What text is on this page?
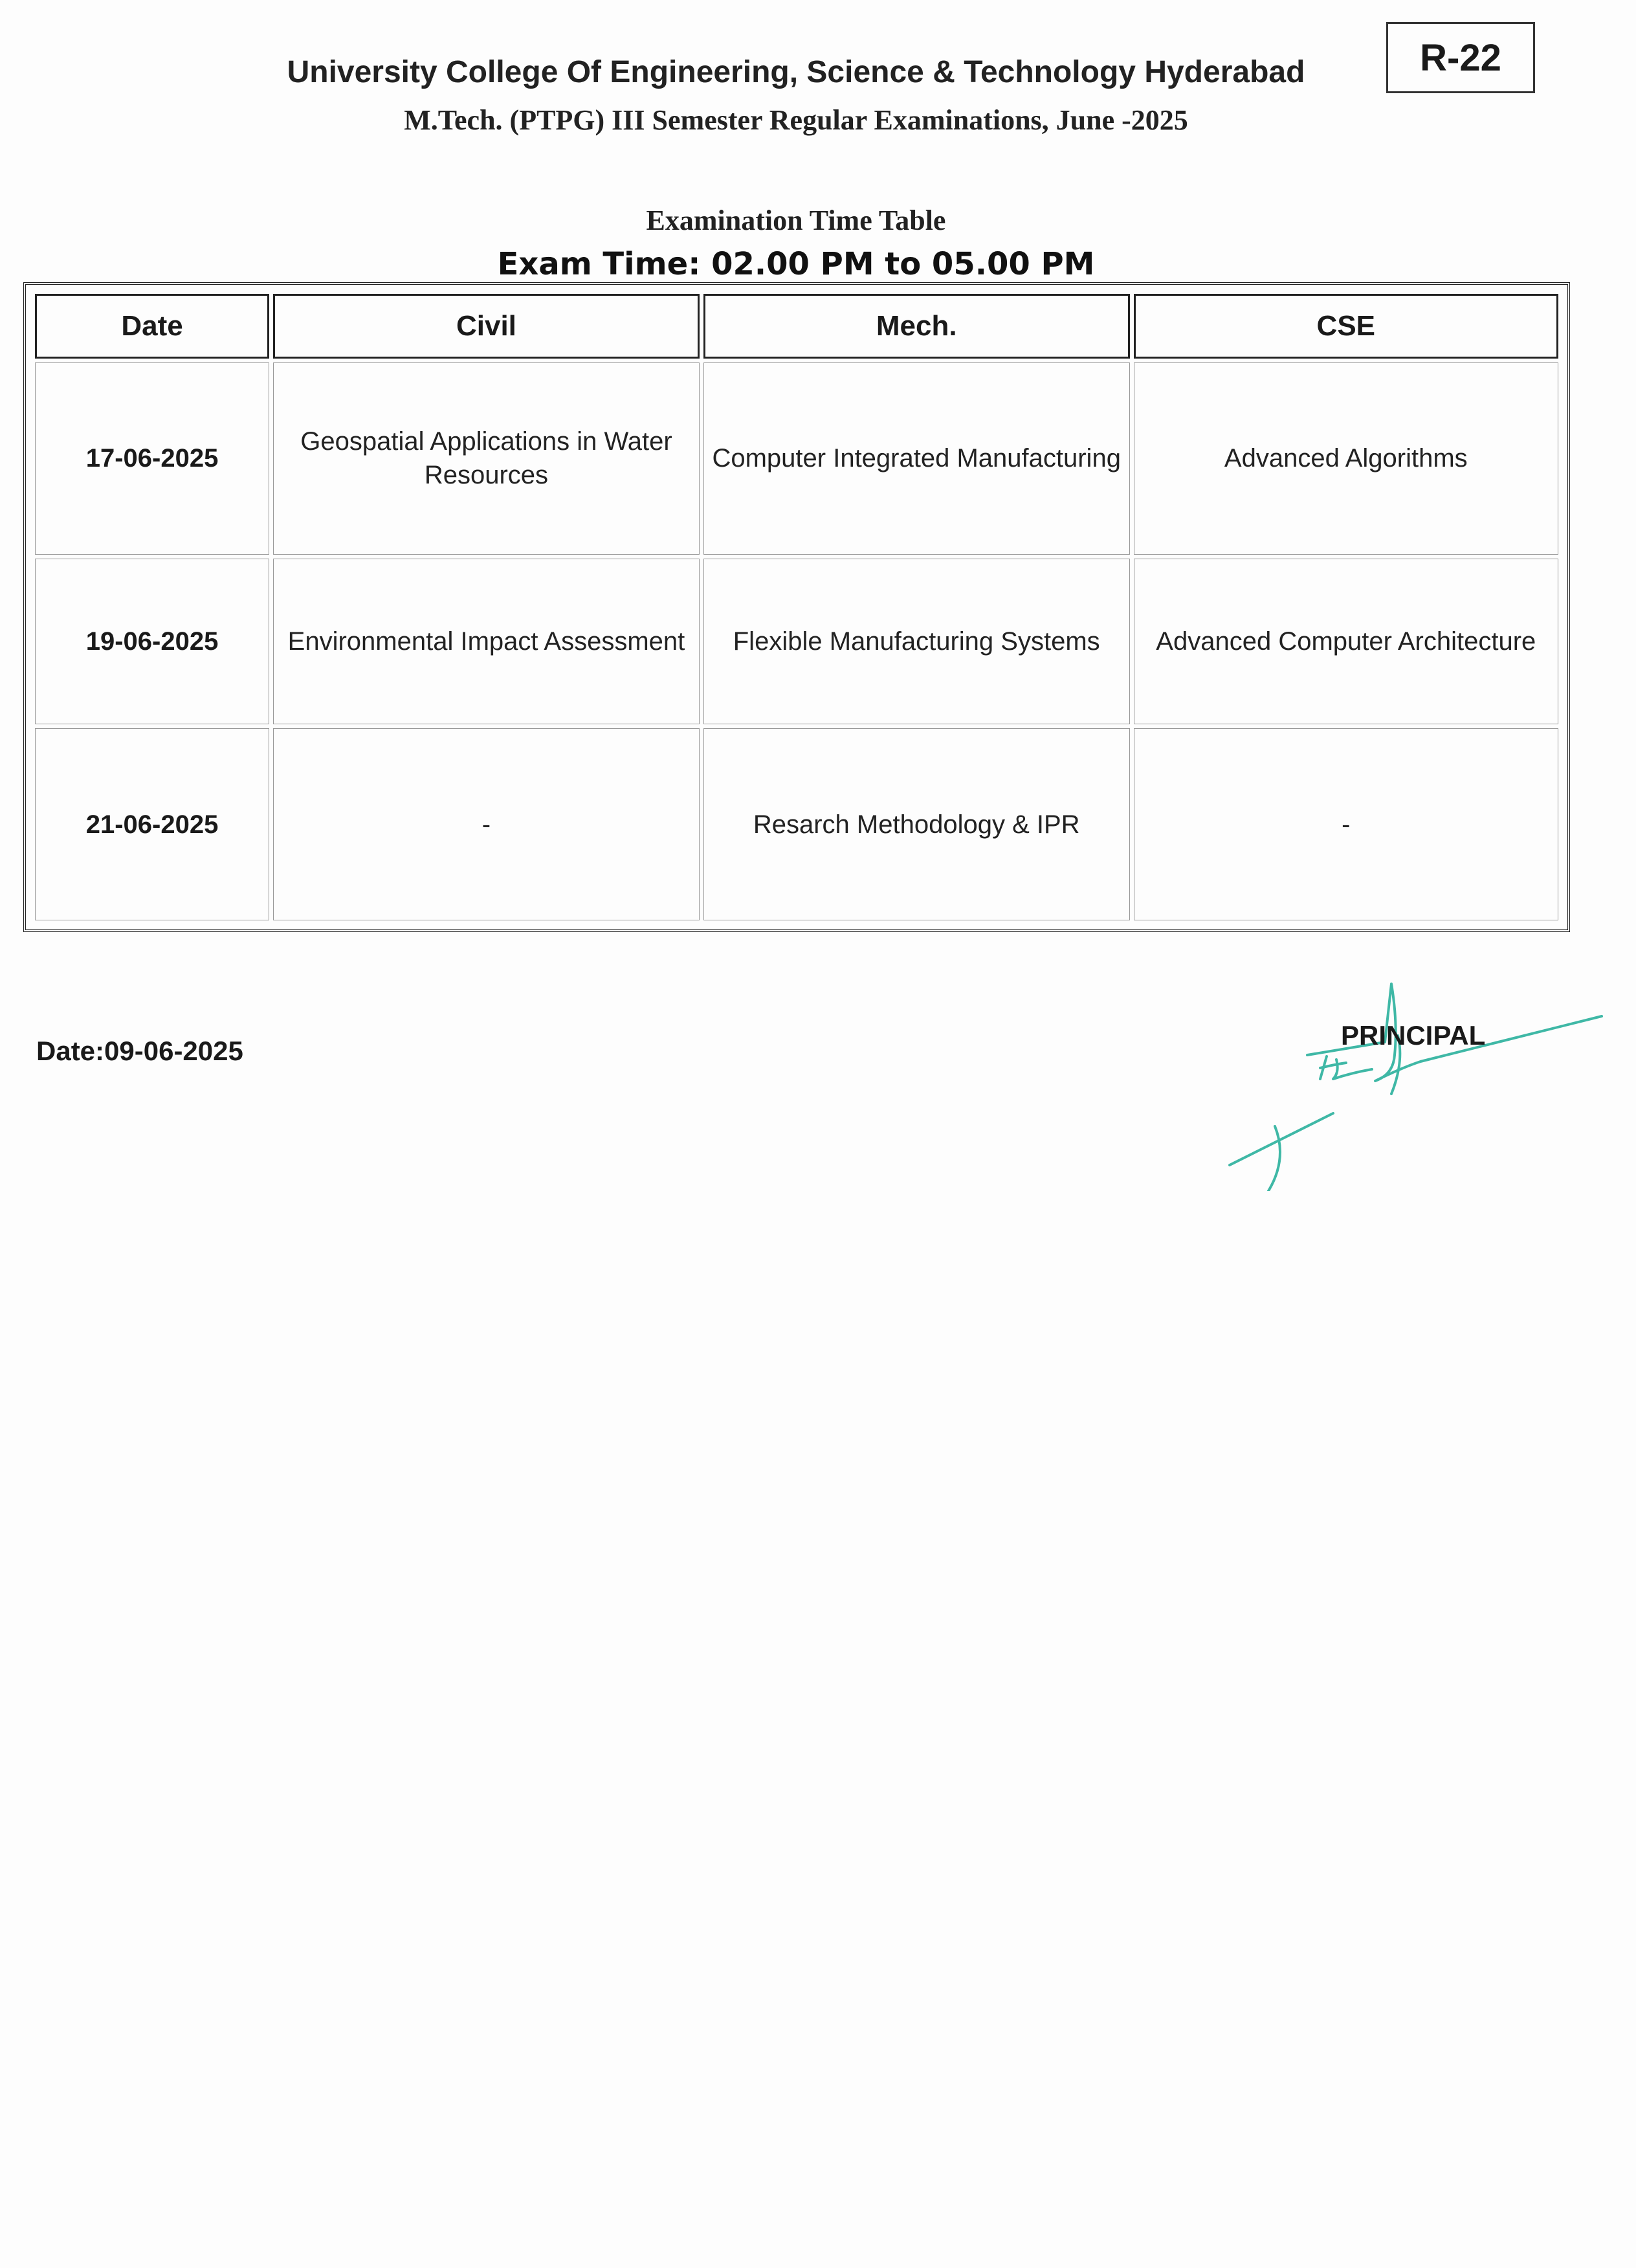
R-22
University College Of Engineering, Science & Technology Hyderabad
M.Tech. (PTPG) III Semester Regular Examinations, June -2025
Examination Time Table
Exam Time: 02.00 PM to 05.00 PM
Date	Civil	Mech.	CSE
17-06-2025	Geospatial Applications in Water Resources	Computer Integrated Manufacturing	Advanced Algorithms
19-06-2025	Environmental Impact Assessment	Flexible Manufacturing Systems	Advanced Computer Architecture
21-06-2025	-	Resarch Methodology & IPR	-
Date:09-06-2025
PRINCIPAL
